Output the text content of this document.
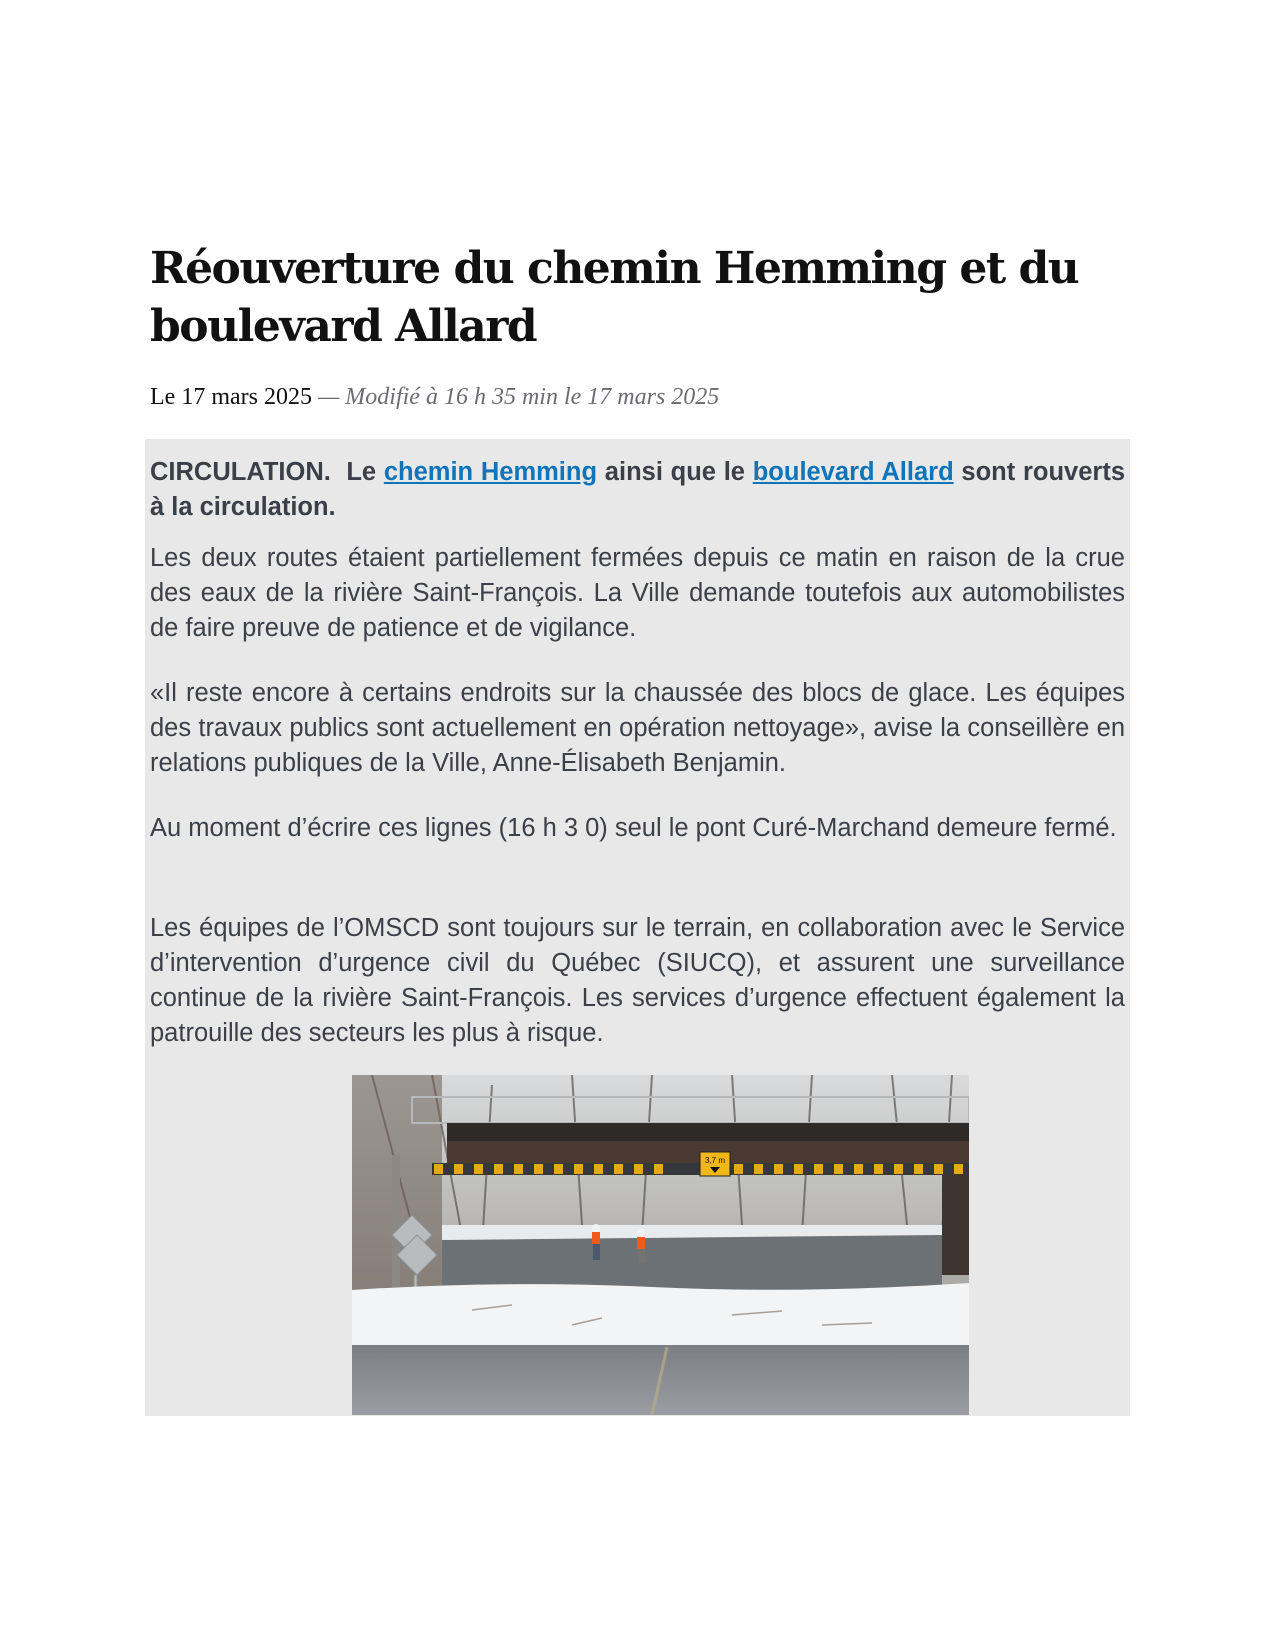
Réouverture du chemin Hemming et du boulevard Allard
Le 17 mars 2025 — Modifié à 16 h 35 min le 17 mars 2025

CIRCULATION. Le chemin Hemming ainsi que le boulevard Allard sont rouverts à la circulation.

Les deux routes étaient partiellement fermées depuis ce matin en raison de la crue des eaux de la rivière Saint-François. La Ville demande toutefois aux automobilistes de faire preuve de patience et de vigilance.

«Il reste encore à certains endroits sur la chaussée des blocs de glace. Les équipes des travaux publics sont actuellement en opération nettoyage», avise la conseillère en relations publiques de la Ville, Anne-Élisabeth Benjamin.

Au moment d’écrire ces lignes (16 h 3 0) seul le pont Curé-Marchand demeure fermé.

Les équipes de l’OMSCD sont toujours sur le terrain, en collaboration avec le Service d’intervention d’urgence civil du Québec (SIUCQ), et assurent une surveillance continue de la rivière Saint-François. Les services d’urgence effectuent également la patrouille des secteurs les plus à risque.

3,7 m
